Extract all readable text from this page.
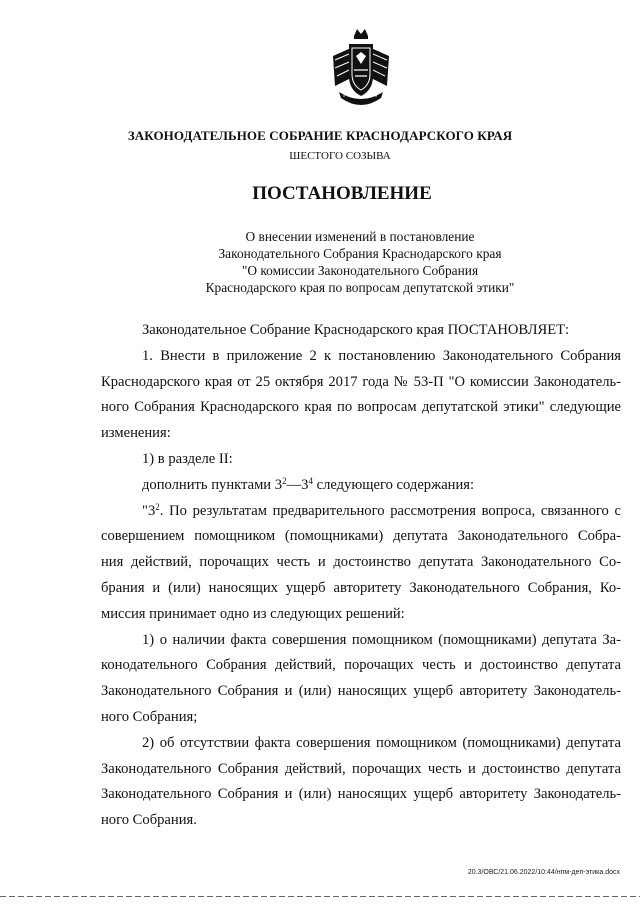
ЗАКОНОДАТЕЛЬНОЕ СОБРАНИЕ КРАСНОДАРСКОГО КРАЯ
ШЕСТОГО СОЗЫВА
ПОСТАНОВЛЕНИЕ
О внесении изменений в постановление
Законодательного Собрания Краснодарского края
"О комиссии Законодательного Собрания
Краснодарского края по вопросам депутатской этики"

Законодательное Собрание Краснодарского края ПОСТАНОВЛЯЕТ:

1. Внести в приложение 2 к постановлению Законодательного Собрания
Краснодарского края от 25 октября 2017 года № 53-П "О комиссии Законодатель-
ного Собрания Краснодарского края по вопросам депутатской этики" следующие
изменения:

1) в разделе II:

дополнить пунктами $3^2—3^4$ следующего содержания:

"$3^2$. По результатам предварительного рассмотрения вопроса, связанного с
совершением помощником (помощниками) депутата Законодательного Собра-
ния действий, порочащих честь и достоинство депутата Законодательного Со-
брания и (или) наносящих ущерб авторитету Законодательного Собрания, Ко-
миссия принимает одно из следующих решений:

1) о наличии факта совершения помощником (помощниками) депутата За-
конодательного Собрания действий, порочащих честь и достоинство депутата
Законодательного Собрания и (или) наносящих ущерб авторитету Законодатель-
ного Собрания;

2) об отсутствии факта совершения помощником (помощниками) депутата
Законодательного Собрания действий, порочащих честь и достоинство депутата
Законодательного Собрания и (или) наносящих ущерб авторитету Законодатель-
ного Собрания.

20.3/ОВС/21.06.2022/10:44/нпм-деп-этика.docx
